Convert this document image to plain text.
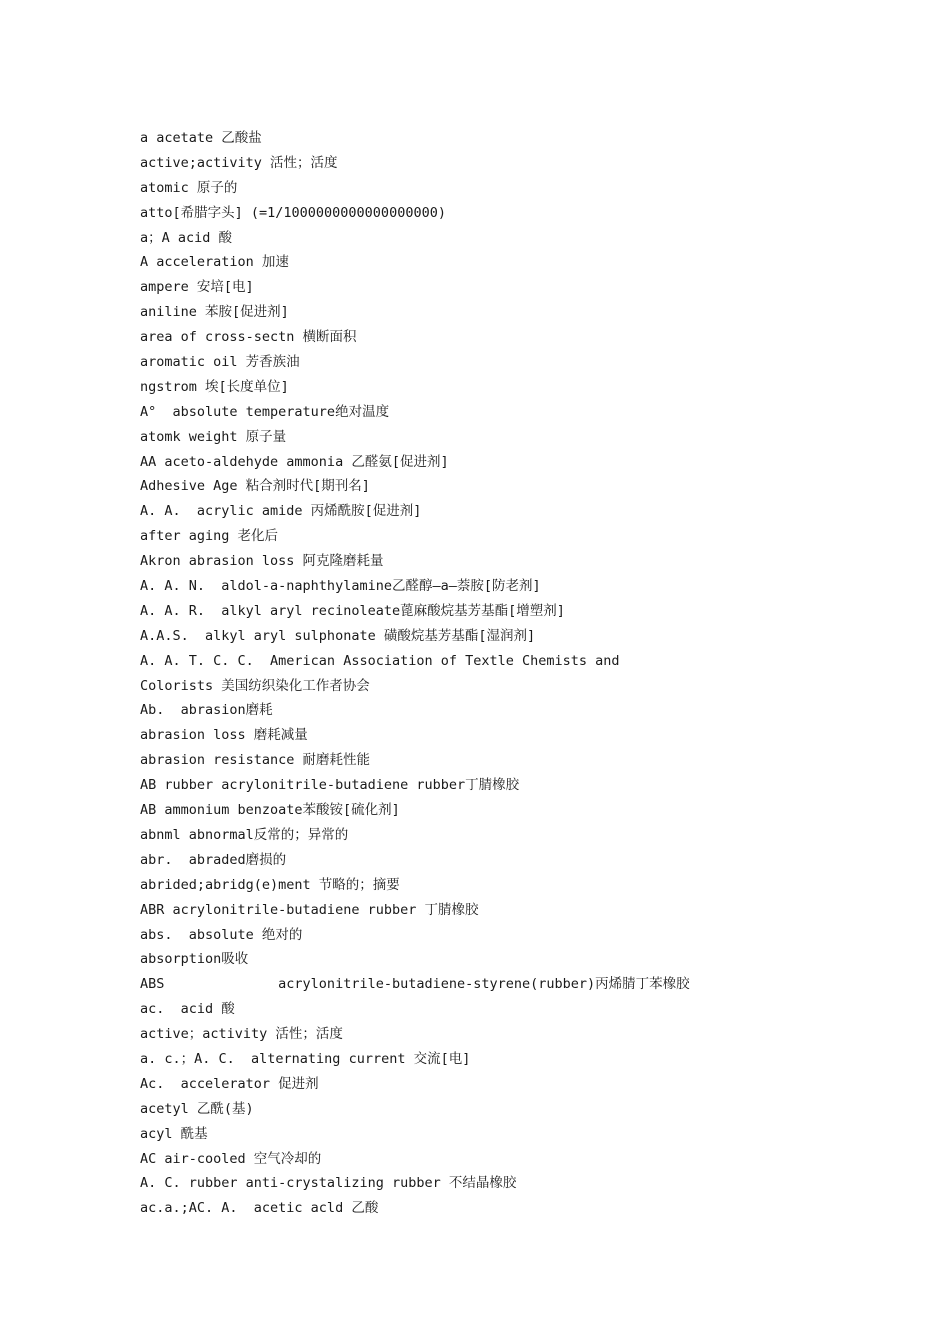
a acetate 乙酸盐
active;activity 活性；活度
atomic 原子的
atto[希腊字头] (=1/1000000000000000000)
a；A acid 酸
A acceleration 加速
ampere 安培[电]
aniline 苯胺[促进剂]
area of cross-sectn 横断面积
aromatic oil 芳香族油
ngstrom 埃[长度单位]
A°  absolute temperature绝对温度
atomk weight 原子量
AA aceto-aldehyde ammonia 乙醛氨[促进剂]
Adhesive Age 粘合剂时代[期刊名]
A. A.  acrylic amide 丙烯酰胺[促进剂]
after aging 老化后
Akron abrasion loss 阿克隆磨耗量
A. A. N.  aldol-a-naphthylamine乙醛醇—a—萘胺[防老剂]
A. A. R.  alkyl aryl recinoleate蓖麻酸烷基芳基酯[增塑剂]
A.A.S.  alkyl aryl sulphonate 磺酸烷基芳基酯[湿润剂]
A. A. T. C. C.  American Association of Textle Chemists and
Colorists 美国纺织染化工作者协会
Ab.  abrasion磨耗
abrasion loss 磨耗减量
abrasion resistance 耐磨耗性能
AB rubber acrylonitrile-butadiene rubber丁腈橡胶
AB ammonium benzoate苯酸铵[硫化剂]
abnml abnormal反常的；异常的
abr.  abraded磨损的
abrided;abridg(e)ment 节略的；摘要
ABR acrylonitrile-butadiene rubber 丁腈橡胶
abs.  absolute 绝对的
absorption吸收
ABS              acrylonitrile-butadiene-styrene(rubber)丙烯腈丁苯橡胶
ac.  acid 酸
active；activity 活性；活度
a. c.；A. C.  alternating current 交流[电]
Ac.  accelerator 促进剂
acetyl 乙酰(基)
acyl 酰基
AC air-cooled 空气冷却的
A. C. rubber anti-crystalizing rubber 不结晶橡胶
ac.a.;AC. A.  acetic acld 乙酸
